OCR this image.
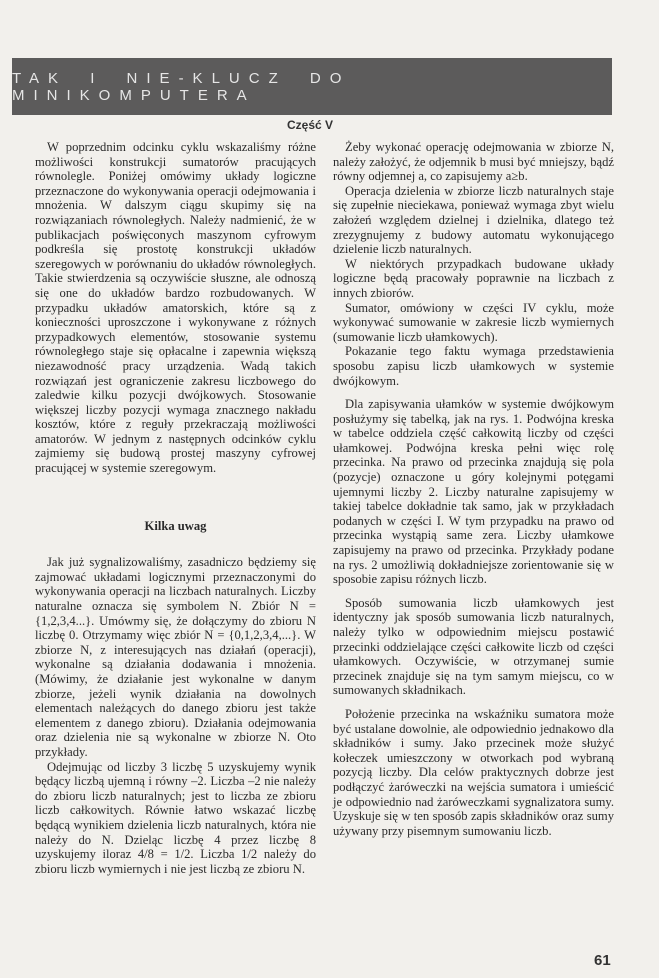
TAK I NIE-KLUCZ DO MINIKOMPUTERA
Część V

W poprzednim odcinku cyklu wskazaliśmy różne możliwości konstrukcji sumatorów pracujących równolegle. Poniżej omówimy układy logiczne przeznaczone do wykonywania operacji odejmowania i mnożenia. W dalszym ciągu skupimy się na rozwiązaniach równoległych. Należy nadmienić, że w publikacjach poświęconych maszynom cyfrowym podkreśla się prostotę konstrukcji układów szeregowych w porównaniu do układów równoległych. Takie stwierdzenia są oczywiście słuszne, ale odnoszą się one do układów bardzo rozbudowanych. W przypadku układów amatorskich, które są z konieczności uproszczone i wykonywane z różnych przypadkowych elementów, stosowanie systemu równoległego staje się opłacalne i zapewnia większą niezawodność pracy urządzenia. Wadą takich rozwiązań jest ograniczenie zakresu liczbowego do zaledwie kilku pozycji dwójkowych. Stosowanie większej liczby pozycji wymaga znacznego nakładu kosztów, które z reguły przekraczają możliwości amatorów. W jednym z następnych odcinków cyklu zajmiemy się budową prostej maszyny cyfrowej pracującej w systemie szeregowym.

Kilka uwag

Jak już sygnalizowaliśmy, zasadniczo będziemy się zajmować układami logicznymi przeznaczonymi do wykonywania operacji na liczbach naturalnych. Liczby naturalne oznacza się symbolem N. Zbiór N = {1,2,3,4...}. Umówmy się, że dołączymy do zbioru N liczbę 0. Otrzymamy więc zbiór N = {0,1,2,3,4,...}. W zbiorze N, z interesujących nas działań (operacji), wykonalne są działania dodawania i mnożenia. (Mówimy, że działanie jest wykonalne w danym zbiorze, jeżeli wynik działania na dowolnych elementach należących do danego zbioru jest także elementem z danego zbioru). Działania odejmowania oraz dzielenia nie są wykonalne w zbiorze N. Oto przykłady.

Odejmując od liczby 3 liczbę 5 uzyskujemy wynik będący liczbą ujemną i równy –2. Liczba –2 nie należy do zbioru liczb naturalnych; jest to liczba ze zbioru liczb całkowitych. Równie łatwo wskazać liczbę będącą wynikiem dzielenia liczb naturalnych, która nie należy do N. Dzieląc liczbę 4 przez liczbę 8 uzyskujemy iloraz 4/8 = 1/2. Liczba 1/2 należy do zbioru liczb wymiernych i nie jest liczbą ze zbioru N.

Żeby wykonać operację odejmowania w zbiorze N, należy założyć, że odjemnik b musi być mniejszy, bądź równy odjemnej a, co zapisujemy a≥b.

Operacja dzielenia w zbiorze liczb naturalnych staje się zupełnie nieciekawa, ponieważ wymaga zbyt wielu założeń względem dzielnej i dzielnika, dlatego też zrezygnujemy z budowy automatu wykonującego dzielenie liczb naturalnych.

W niektórych przypadkach budowane układy logiczne będą pracowały poprawnie na liczbach z innych zbiorów.

Sumator, omówiony w części IV cyklu, może wykonywać sumowanie w zakresie liczb wymiernych (sumowanie liczb ułamkowych).

Pokazanie tego faktu wymaga przedstawienia sposobu zapisu liczb ułamkowych w systemie dwójkowym.

Dla zapisywania ułamków w systemie dwójkowym posłużymy się tabelką, jak na rys. 1. Podwójna kreska w tabelce oddziela część całkowitą liczby od części ułamkowej. Podwójna kreska pełni więc rolę przecinka. Na prawo od przecinka znajdują się pola (pozycje) oznaczone u góry kolejnymi potęgami ujemnymi liczby 2. Liczby naturalne zapisujemy w takiej tabelce dokładnie tak samo, jak w przykładach podanych w części I. W tym przypadku na prawo od przecinka wystąpią same zera. Liczby ułamkowe zapisujemy na prawo od przecinka. Przykłady podane na rys. 2 umożliwią dokładniejsze zorientowanie się w sposobie zapisu różnych liczb.

Sposób sumowania liczb ułamkowych jest identyczny jak sposób sumowania liczb naturalnych, należy tylko w odpowiednim miejscu postawić przecinki oddzielające części całkowite liczb od części ułamkowych. Oczywiście, w otrzymanej sumie przecinek znajduje się na tym samym miejscu, co w sumowanych składnikach.

Położenie przecinka na wskaźniku sumatora może być ustalane dowolnie, ale odpowiednio jednakowo dla składników i sumy. Jako przecinek może służyć kołeczek umieszczony w otworkach pod wybraną pozycją liczby. Dla celów praktycznych dobrze jest podłączyć żaróweczki na wejścia sumatora i umieścić je odpowiednio nad żaróweczkami sygnalizatora sumy. Uzyskuje się w ten sposób zapis składników oraz sumy używany przy pisemnym sumowaniu liczb.

61
